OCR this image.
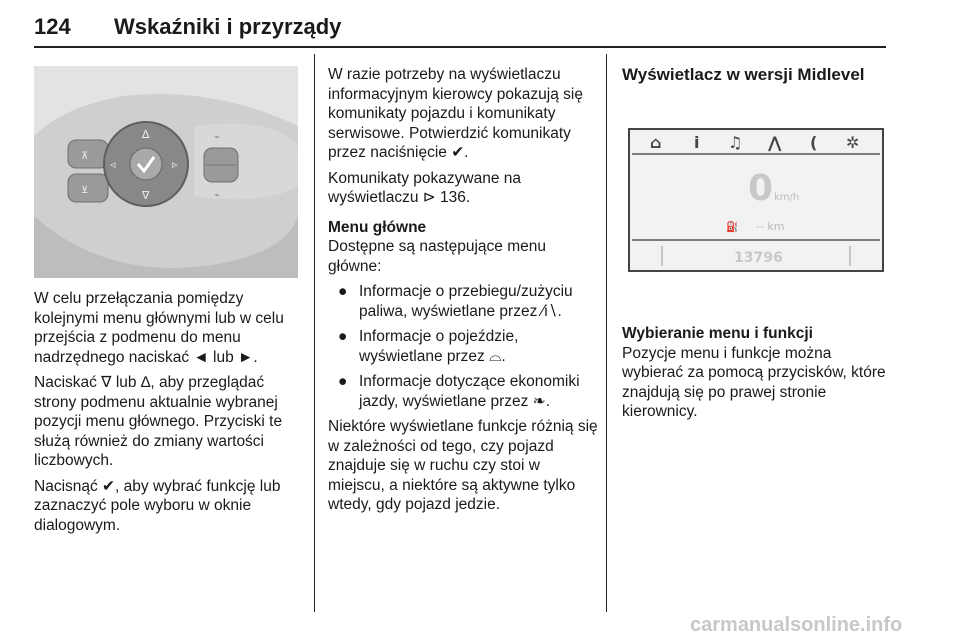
124 Wskaźniki i przyrządy
⊼
⊻
∆
∇
◃	▹
⌁
⌁

W celu przełączania pomiędzy kolejnymi menu głównymi lub w celu przejścia z podmenu do menu nadrzędnego naciskać ◄ lub ►.

Naciskać ∇ lub ∆, aby przeglądać strony podmenu aktualnie wybranej pozycji menu głównego. Przyciski te służą również do zmiany wartości liczbowych.

Nacisnąć ✔, aby wybrać funkcję lub zaznaczyć pole wyboru w oknie dialogowym.

W razie potrzeby na wyświetlaczu informacyjnym kierowcy pokazują się komunikaty pojazdu i komunikaty serwisowe. Potwierdzić komunikaty przez naciśnięcie ✔.

Komunikaty pokazywane na wyświetlaczu ⊳ 136.

Menu główne

Dostępne są następujące menu główne:

● Informacje o przebiegu/zużyciu paliwa, wyświetlane przez ⁄i∖.
● Informacje o pojeździe, wyświetlane przez ⌓.
● Informacje dotyczące ekonomiki jazdy, wyświetlane przez ❧.

Niektóre wyświetlane funkcje różnią się w zależności od tego, czy pojazd znajduje się w ruchu czy stoi w miejscu, a niektóre są aktywne tylko wtedy, gdy pojazd jedzie.

Wyświetlacz w wersji Midlevel
⌂ i ♫ ⋀ ( ✲
0 km/h
⛽ -- km
13796
Wybieranie menu i funkcji
Pozycje menu i funkcje można wybierać za pomocą przycisków, które znajdują się po prawej stronie kierownicy.
carmanualsonline.info
